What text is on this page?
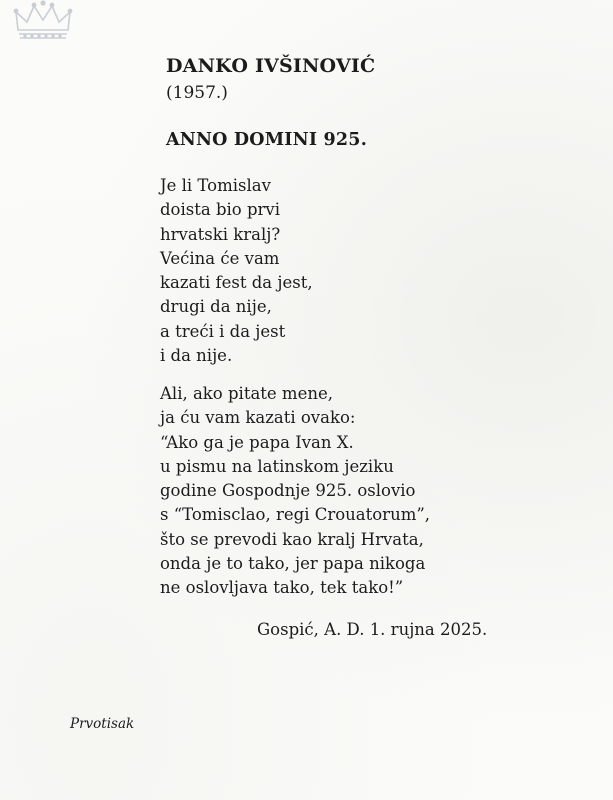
DANKO IVŠINOVIĆ
(1957.)
ANNO DOMINI 925.
Je li Tomislav
doista bio prvi
hrvatski kralj?
Većina će vam
kazati fest da jest,
drugi da nije,
a treći i da jest
i da nije.
Ali, ako pitate mene,
ja ću vam kazati ovako:
“Ako ga je papa Ivan X.
u pismu na latinskom jeziku
godine Gospodnje 925. oslovio
s “Tomisclao, regi Crouatorum”,
što se prevodi kao kralj Hrvata,
onda je to tako, jer papa nikoga
ne oslovljava tako, tek tako!”
Gospić, A. D. 1. rujna 2025.
Prvotisak
